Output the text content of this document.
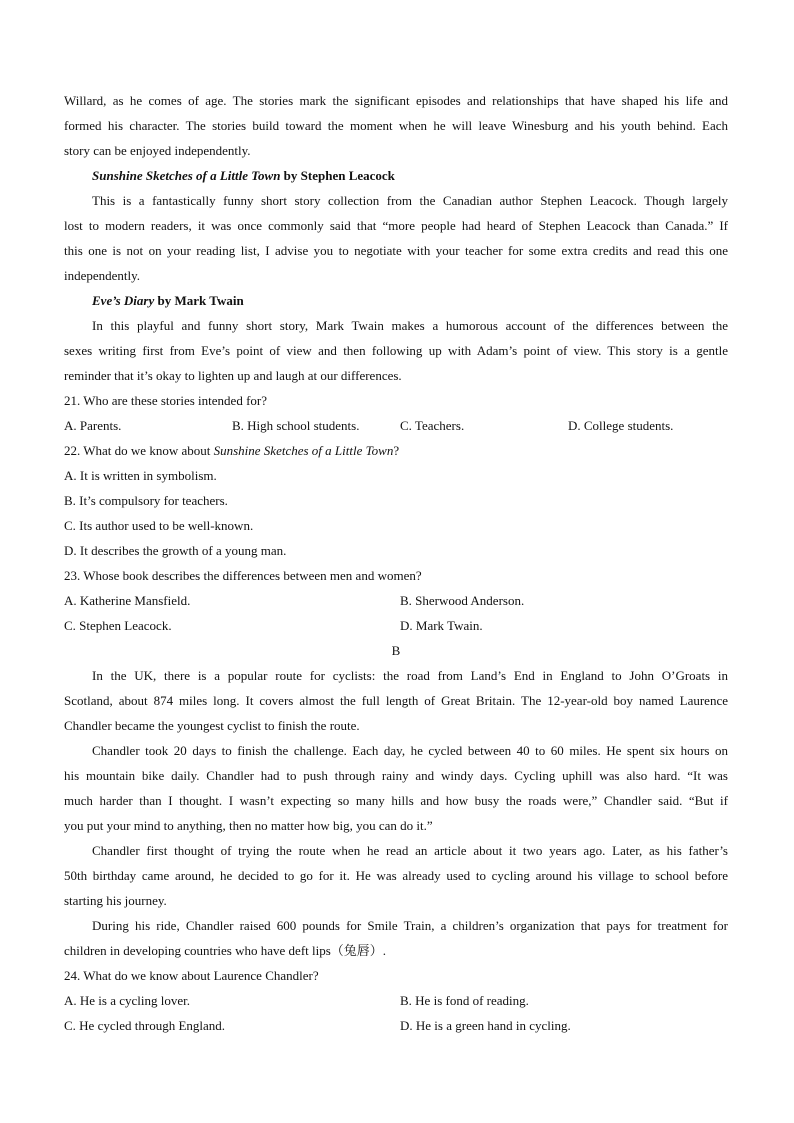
Willard, as he comes of age. The stories mark the significant episodes and relationships that have shaped his life and
formed his character. The stories build toward the moment when he will leave Winesburg and his youth behind. Each
story can be enjoyed independently.
Sunshine Sketches of a Little Town by Stephen Leacock
This is a fantastically funny short story collection from the Canadian author Stephen Leacock. Though largely
lost to modern readers, it was once commonly said that “more people had heard of Stephen Leacock than Canada.” If
this one is not on your reading list, I advise you to negotiate with your teacher for some extra credits and read this one
independently.
Eve’s Diary by Mark Twain
In this playful and funny short story, Mark Twain makes a humorous account of the differences between the
sexes writing first from Eve’s point of view and then following up with Adam’s point of view. This story is a gentle
reminder that it’s okay to lighten up and laugh at our differences.
21. Who are these stories intended for?
A. Parents.	B. High school students.	C. Teachers.	D. College students.
22. What do we know about Sunshine Sketches of a Little Town?
A. It is written in symbolism.
B. It’s compulsory for teachers.
C. Its author used to be well-known.
D. It describes the growth of a young man.
23. Whose book describes the differences between men and women?
A. Katherine Mansfield.	B. Sherwood Anderson.
C. Stephen Leacock.	D. Mark Twain.
B
In the UK, there is a popular route for cyclists: the road from Land’s End in England to John O’Groats in
Scotland, about 874 miles long. It covers almost the full length of Great Britain. The 12-year-old boy named Laurence
Chandler became the youngest cyclist to finish the route.
Chandler took 20 days to finish the challenge. Each day, he cycled between 40 to 60 miles. He spent six hours on
his mountain bike daily. Chandler had to push through rainy and windy days. Cycling uphill was also hard. “It was
much harder than I thought. I wasn’t expecting so many hills and how busy the roads were,” Chandler said. “But if
you put your mind to anything, then no matter how big, you can do it.”
Chandler first thought of trying the route when he read an article about it two years ago. Later, as his father’s
50th birthday came around, he decided to go for it. He was already used to cycling around his village to school before
starting his journey.
During his ride, Chandler raised 600 pounds for Smile Train, a children’s organization that pays for treatment for
children in developing countries who have deft lips（兔唇）.
24. What do we know about Laurence Chandler?
A. He is a cycling lover.	B. He is fond of reading.
C. He cycled through England.	D. He is a green hand in cycling.
